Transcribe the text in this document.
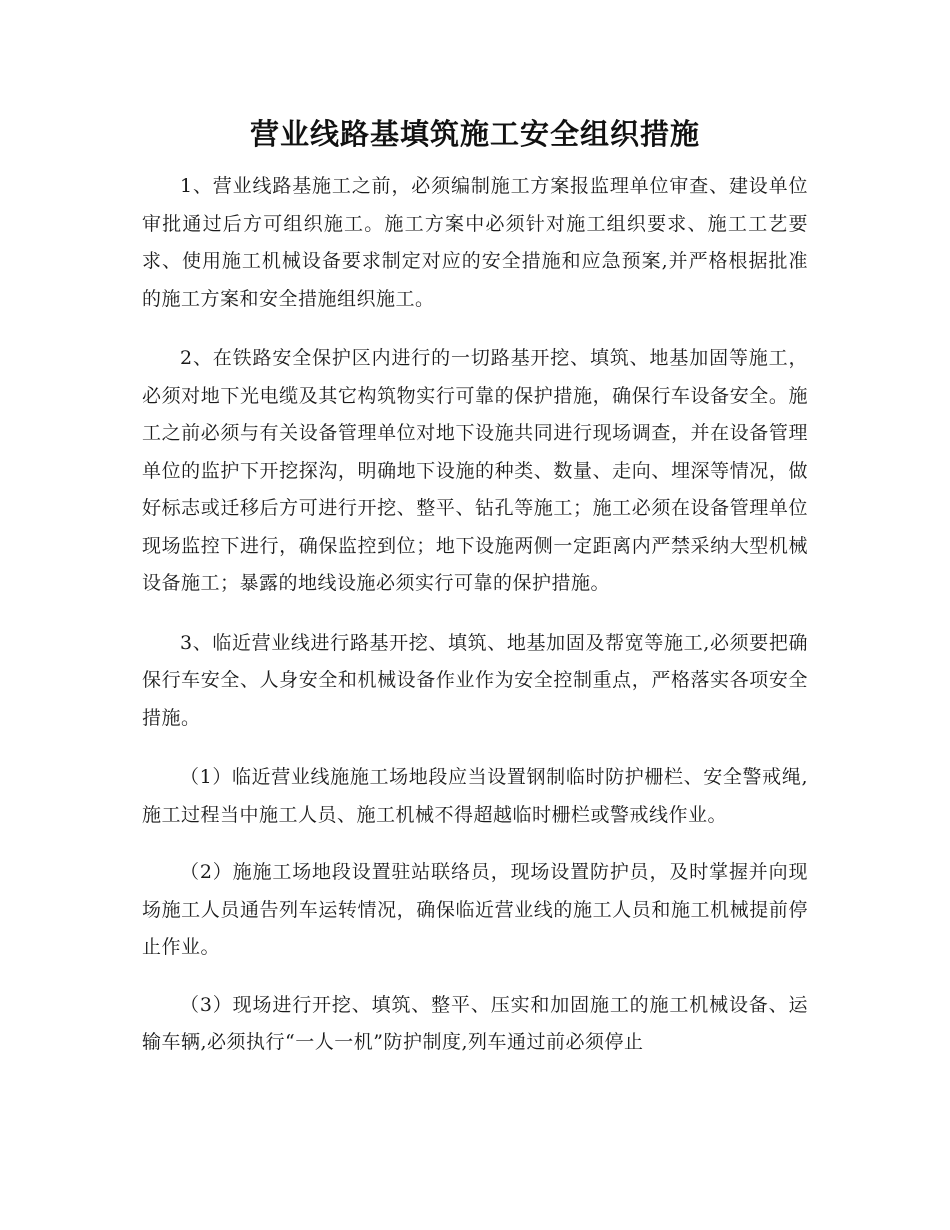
营业线路基填筑施工安全组织措施

1、营业线路基施工之前，必须编制施工方案报监理单位审查、建设单位审批通过后方可组织施工。施工方案中必须针对施工组织要求、施工工艺要求、使用施工机械设备要求制定对应的安全措施和应急预案,并严格根据批准的施工方案和安全措施组织施工。

2、在铁路安全保护区内进行的一切路基开挖、填筑、地基加固等施工，必须对地下光电缆及其它构筑物实行可靠的保护措施，确保行车设备安全。施工之前必须与有关设备管理单位对地下设施共同进行现场调查，并在设备管理单位的监护下开挖探沟，明确地下设施的种类、数量、走向、埋深等情况，做好标志或迁移后方可进行开挖、整平、钻孔等施工；施工必须在设备管理单位现场监控下进行，确保监控到位；地下设施两侧一定距离内严禁采纳大型机械设备施工；暴露的地线设施必须实行可靠的保护措施。

3、临近营业线进行路基开挖、填筑、地基加固及帮宽等施工,必须要把确保行车安全、人身安全和机械设备作业作为安全控制重点，严格落实各项安全措施。

（1）临近营业线施施工场地段应当设置钢制临时防护栅栏、安全警戒绳,施工过程当中施工人员、施工机械不得超越临时栅栏或警戒线作业。

（2）施施工场地段设置驻站联络员，现场设置防护员，及时掌握并向现场施工人员通告列车运转情况，确保临近营业线的施工人员和施工机械提前停止作业。

（3）现场进行开挖、填筑、整平、压实和加固施工的施工机械设备、运输车辆,必须执行“一人一机”防护制度,列车通过前必须停止
